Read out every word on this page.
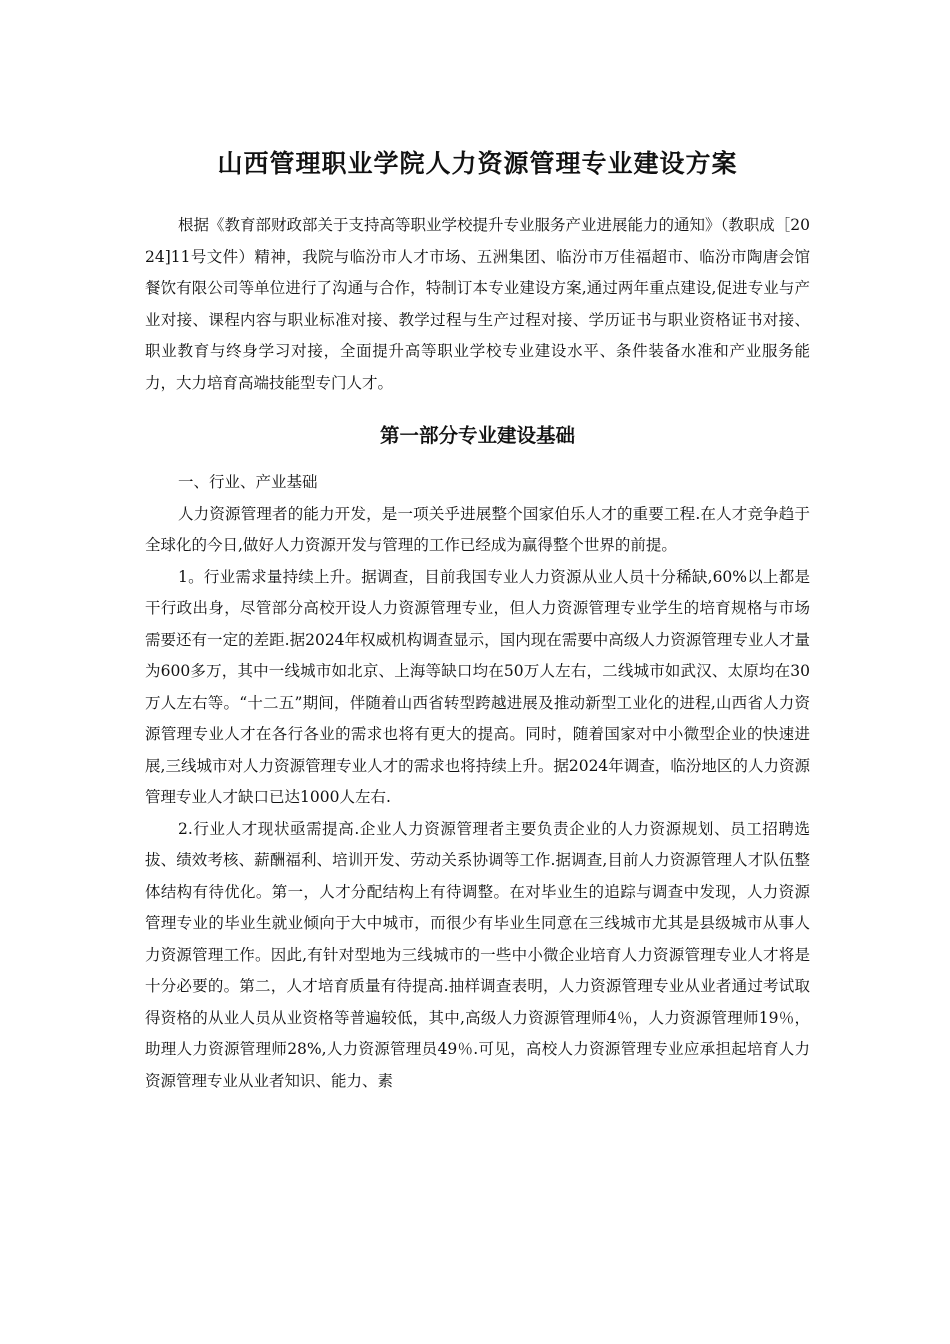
山西管理职业学院人力资源管理专业建设方案

根据《教育部财政部关于支持高等职业学校提升专业服务产业进展能力的通知》（教职成［2024]11号文件）精神，我院与临汾市人才市场、五洲集团、临汾市万佳福超市、临汾市陶唐会馆餐饮有限公司等单位进行了沟通与合作，特制订本专业建设方案,通过两年重点建设,促进专业与产业对接、课程内容与职业标准对接、教学过程与生产过程对接、学历证书与职业资格证书对接、职业教育与终身学习对接，全面提升高等职业学校专业建设水平、条件装备水准和产业服务能力，大力培育高端技能型专门人才。

第一部分专业建设基础

一、行业、产业基础

人力资源管理者的能力开发，是一项关乎进展整个国家伯乐人才的重要工程.在人才竞争趋于全球化的今日,做好人力资源开发与管理的工作已经成为赢得整个世界的前提。

1。行业需求量持续上升。据调查，目前我国专业人力资源从业人员十分稀缺,60%以上都是干行政出身，尽管部分高校开设人力资源管理专业，但人力资源管理专业学生的培育规格与市场需要还有一定的差距.据2024年权威机构调查显示，国内现在需要中高级人力资源管理专业人才量为600多万，其中一线城市如北京、上海等缺口均在50万人左右，二线城市如武汉、太原均在30万人左右等。“十二五”期间，伴随着山西省转型跨越进展及推动新型工业化的进程,山西省人力资源管理专业人才在各行各业的需求也将有更大的提高。同时，随着国家对中小微型企业的快速进展,三线城市对人力资源管理专业人才的需求也将持续上升。据2024年调查，临汾地区的人力资源管理专业人才缺口已达1000人左右.

2.行业人才现状亟需提高.企业人力资源管理者主要负责企业的人力资源规划、员工招聘选拔、绩效考核、薪酬福利、培训开发、劳动关系协调等工作.据调查,目前人力资源管理人才队伍整体结构有待优化。第一，人才分配结构上有待调整。在对毕业生的追踪与调查中发现，人力资源管理专业的毕业生就业倾向于大中城市，而很少有毕业生同意在三线城市尤其是县级城市从事人力资源管理工作。因此,有针对型地为三线城市的一些中小微企业培育人力资源管理专业人才将是十分必要的。第二，人才培育质量有待提高.抽样调查表明，人力资源管理专业从业者通过考试取得资格的从业人员从业资格等普遍较低，其中,高级人力资源管理师4％，人力资源管理师19％，助理人力资源管理师28%,人力资源管理员49％.可见，高校人力资源管理专业应承担起培育人力资源管理专业从业者知识、能力、素
